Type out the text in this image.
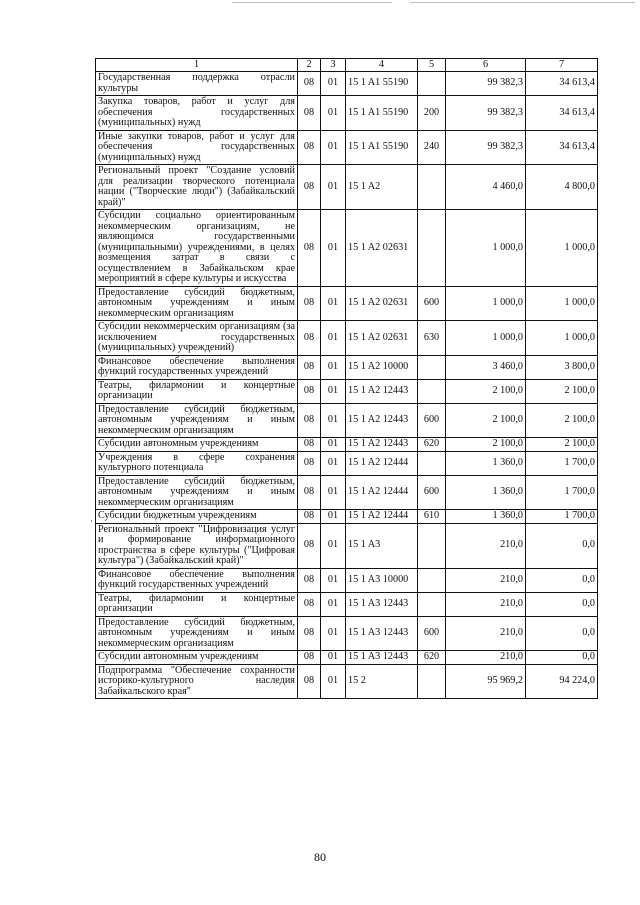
1	2	3	4	5	6	7
Государственная поддержка отрасли культуры	08	01	15 1 A1 55190		99 382,3	34 613,4
Закупка товаров, работ и услуг для обеспечения государственных (муниципальных) нужд	08	01	15 1 A1 55190	200	99 382,3	34 613,4
Иные закупки товаров, работ и услуг для обеспечения государственных (муниципальных) нужд	08	01	15 1 A1 55190	240	99 382,3	34 613,4
Региональный проект "Создание условий для реализации творческого потенциала нации ("Творческие люди") (Забайкальский край)"	08	01	15 1 A2		4 460,0	4 800,0
Субсидии социально ориентированным некоммерческим организациям, не являющимся государственными (муниципальными) учреждениями, в целях возмещения затрат в связи с осуществлением в Забайкальском крае мероприятий в сфере культуры и искусства	08	01	15 1 A2 02631		1 000,0	1 000,0
Предоставление субсидий бюджетным, автономным учреждениям и иным некоммерческим организациям	08	01	15 1 A2 02631	600	1 000,0	1 000,0
Субсидии некоммерческим организациям (за исключением государственных (муниципальных) учреждений)	08	01	15 1 A2 02631	630	1 000,0	1 000,0
Финансовое обеспечение выполнения функций государственных учреждений	08	01	15 1 A2 10000		3 460,0	3 800,0
Театры, филармонии и концертные организации	08	01	15 1 A2 12443		2 100,0	2 100,0
Предоставление субсидий бюджетным, автономным учреждениям и иным некоммерческим организациям	08	01	15 1 A2 12443	600	2 100,0	2 100,0
Субсидии автономным учреждениям	08	01	15 1 A2 12443	620	2 100,0	2 100,0
Учреждения в сфере сохранения культурного потенциала	08	01	15 1 A2 12444		1 360,0	1 700,0
Предоставление субсидий бюджетным, автономным учреждениям и иным некоммерческим организациям	08	01	15 1 A2 12444	600	1 360,0	1 700,0
Субсидии бюджетным учреждениям	08	01	15 1 A2 12444	610	1 360,0	1 700,0
Региональный проект "Цифровизация услуг и формирование информационного пространства в сфере культуры ("Цифровая культура") (Забайкальский край)"	08	01	15 1 A3		210,0	0,0
Финансовое обеспечение выполнения функций государственных учреждений	08	01	15 1 A3 10000		210,0	0,0
Театры, филармонии и концертные организации	08	01	15 1 A3 12443		210,0	0,0
Предоставление субсидий бюджетным, автономным учреждениям и иным некоммерческим организациям	08	01	15 1 A3 12443	600	210,0	0,0
Субсидии автономным учреждениям	08	01	15 1 A3 12443	620	210,0	0,0
Подпрограмма "Обеспечение сохранности историко-культурного наследия Забайкальского края"	08	01	15 2		95 969,2	94 224,0
·
80
